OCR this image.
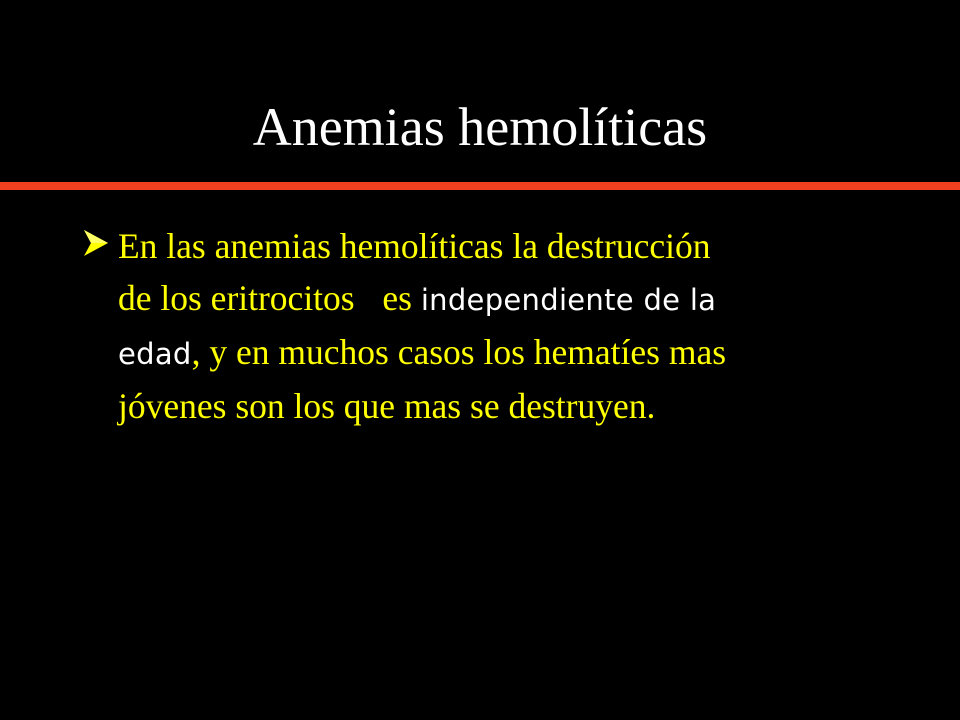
Anemias hemolíticas
En las anemias hemolíticas la destrucción
de los eritrocitos  es independiente de la
edad, y en muchos casos los hematíes mas
jóvenes son los que mas se destruyen.
